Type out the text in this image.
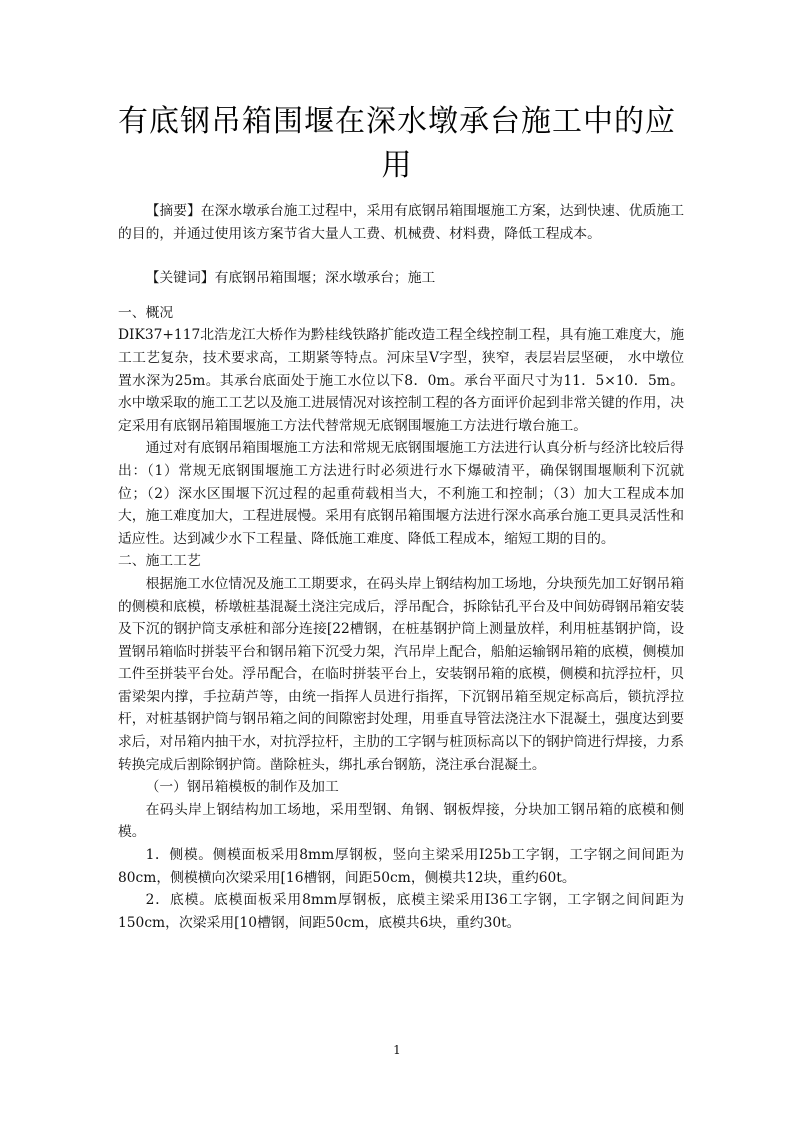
有底钢吊箱围堰在深水墩承台施工中的应用

【摘要】在深水墩承台施工过程中，采用有底钢吊箱围堰施工方案，达到快速、优质施工的目的，并通过使用该方案节省大量人工费、机械费、材料费，降低工程成本。

【关键词】有底钢吊箱围堰；深水墩承台；施工

一、概况

DIK37+117北浩龙江大桥作为黔桂线铁路扩能改造工程全线控制工程，具有施工难度大，施工工艺复杂，技术要求高，工期紧等特点。河床呈V字型，狭窄，表层岩层坚硬， 水中墩位置水深为25m。其承台底面处于施工水位以下8．0m。承台平面尺寸为11．5×10．5m。水中墩采取的施工工艺以及施工进展情况对该控制工程的各方面评价起到非常关键的作用，决定采用有底钢吊箱围堰施工方法代替常规无底钢围堰施工方法进行墩台施工。

通过对有底钢吊箱围堰施工方法和常规无底钢围堰施工方法进行认真分析与经济比较后得出：（1）常规无底钢围堰施工方法进行时必须进行水下爆破清平，确保钢围堰顺利下沉就位；（2）深水区围堰下沉过程的起重荷载相当大，不利施工和控制；（3）加大工程成本加大，施工难度加大，工程进展慢。采用有底钢吊箱围堰方法进行深水高承台施工更具灵活性和适应性。达到减少水下工程量、降低施工难度、降低工程成本，缩短工期的目的。

二、施工工艺

根据施工水位情况及施工工期要求，在码头岸上钢结构加工场地，分块预先加工好钢吊箱的侧模和底模，桥墩桩基混凝土浇注完成后，浮吊配合，拆除钻孔平台及中间妨碍钢吊箱安装及下沉的钢护筒支承桩和部分连接[22槽钢，在桩基钢护筒上测量放样，利用桩基钢护筒，设置钢吊箱临时拼装平台和钢吊箱下沉受力架，汽吊岸上配合，船舶运输钢吊箱的底模，侧模加工件至拼装平台处。浮吊配合，在临时拼装平台上，安装钢吊箱的底模，侧模和抗浮拉杆，贝雷梁架内撑，手拉葫芦等，由统一指挥人员进行指挥，下沉钢吊箱至规定标高后，锁抗浮拉杆，对桩基钢护筒与钢吊箱之间的间隙密封处理，用垂直导管法浇注水下混凝土，强度达到要求后，对吊箱内抽干水，对抗浮拉杆，主肋的工字钢与桩顶标高以下的钢护筒进行焊接，力系转换完成后割除钢护筒。凿除桩头，绑扎承台钢筋，浇注承台混凝土。

（一）钢吊箱模板的制作及加工

在码头岸上钢结构加工场地，采用型钢、角钢、钢板焊接，分块加工钢吊箱的底模和侧模。

1．侧模。侧模面板采用8mm厚钢板，竖向主梁采用I25b工字钢，工字钢之间间距为80cm，侧模横向次梁采用[16槽钢，间距50cm，侧模共12块，重约60t。

2．底模。底模面板采用8mm厚钢板，底模主梁采用I36工字钢，工字钢之间间距为150cm，次梁采用[10槽钢，间距50cm，底模共6块，重约30t。

1
